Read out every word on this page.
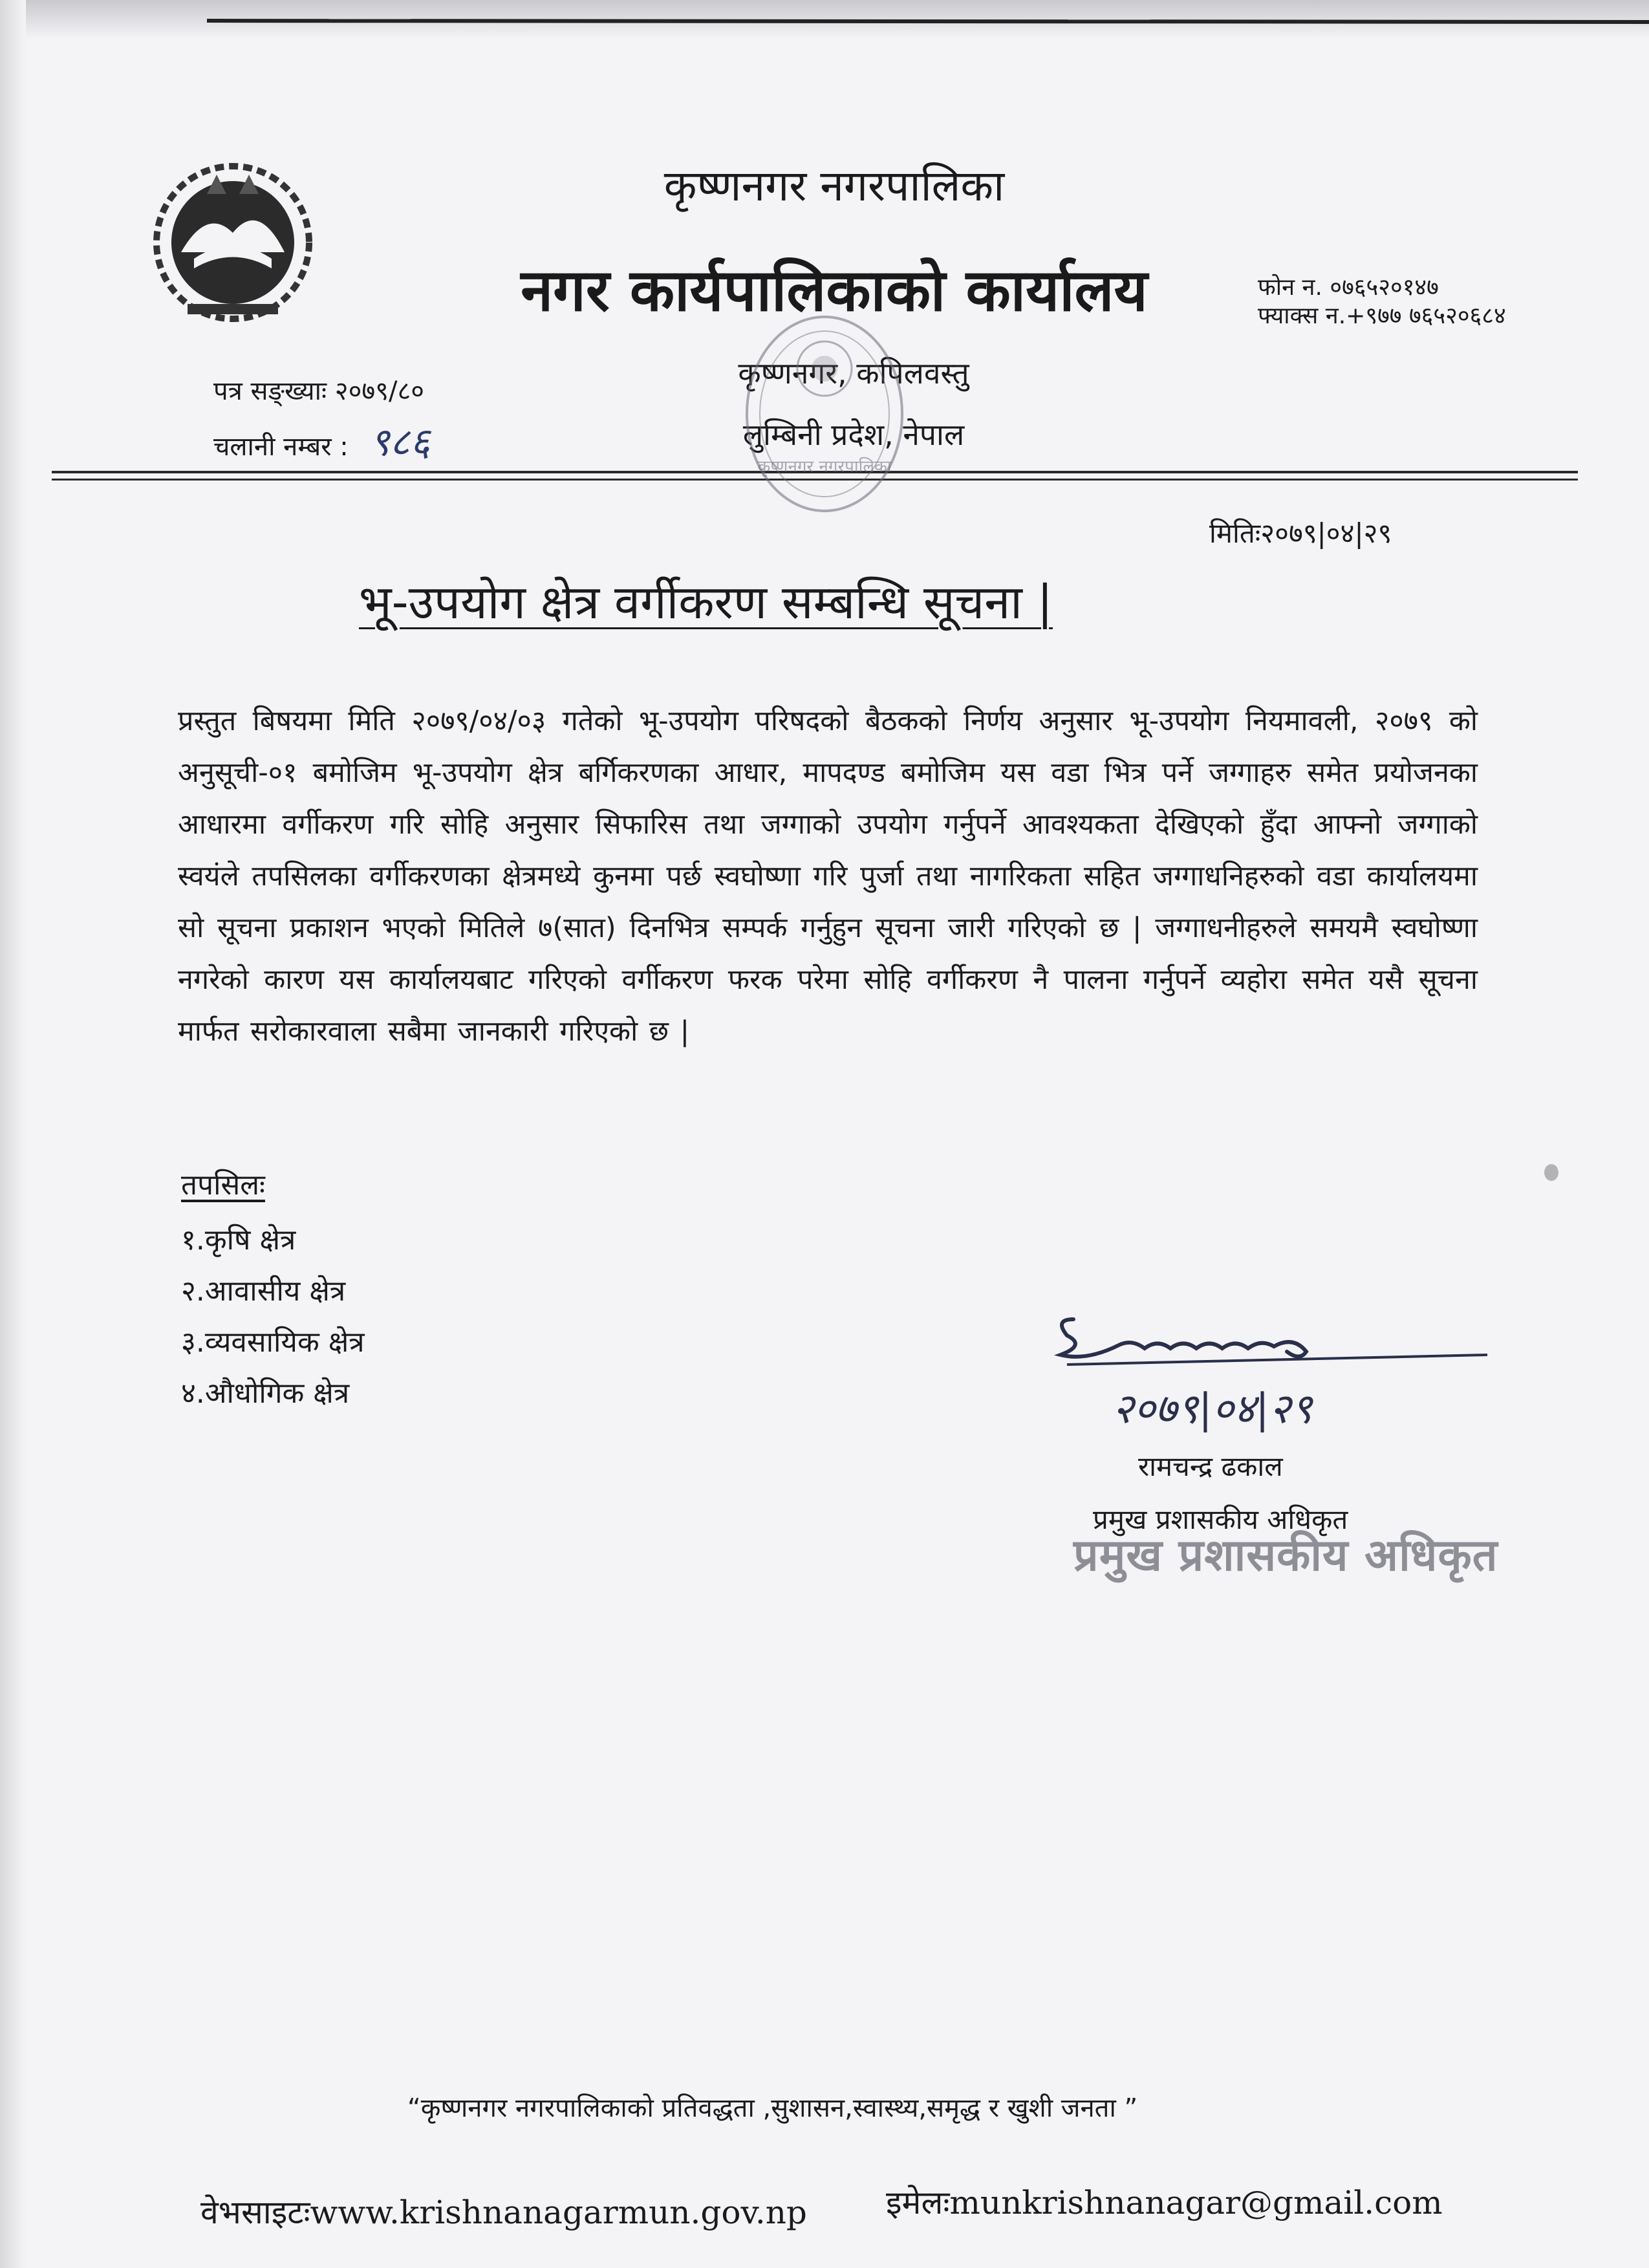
कृष्णनगर नगरपालिका
नगर कार्यपालिकाको कार्यालय
कृष्णनगर, कपिलवस्तु
लुम्बिनी प्रदेश, नेपाल
फोन न. ०७६५२०१४७
फ्याक्स न.+९७७ ७६५२०६८४
पत्र सङ्ख्याः २०७९/८०
चलानी नम्बर : ९८६
कृष्णनगर नगरपालिका
मितिः२०७९|०४|२९
भू-उपयोग क्षेत्र वर्गीकरण सम्बन्धि सूचना |
प्रस्तुत बिषयमा मिति २०७९/०४/०३ गतेको भू-उपयोग परिषदको बैठकको निर्णय अनुसार भू-उपयोग नियमावली, २०७९ को अनुसूची-०१ बमोजिम भू-उपयोग क्षेत्र बर्गिकरणका आधार, मापदण्ड बमोजिम यस वडा भित्र पर्ने जग्गाहरु समेत प्रयोजनका आधारमा वर्गीकरण गरि सोहि अनुसार सिफारिस तथा जग्गाको उपयोग गर्नुपर्ने आवश्यकता देखिएको हुँदा आफ्नो जग्गाको स्वयंले तपसिलका वर्गीकरणका क्षेत्रमध्ये कुनमा पर्छ स्वघोष्णा गरि पुर्जा तथा नागरिकता सहित जग्गाधनिहरुको वडा कार्यालयमा सो सूचना प्रकाशन भएको मितिले ७(सात) दिनभित्र सम्पर्क गर्नुहुन सूचना जारी गरिएको छ | जग्गाधनीहरुले समयमै स्वघोष्णा नगरेको कारण यस कार्यालयबाट गरिएको वर्गीकरण फरक परेमा सोहि वर्गीकरण नै पालना गर्नुपर्ने व्यहोरा समेत यसै सूचना मार्फत सरोकारवाला सबैमा जानकारी गरिएको छ |
तपसिलः
१.कृषि क्षेत्र
२.आवासीय क्षेत्र
३.व्यवसायिक क्षेत्र
४.औधोगिक क्षेत्र	२०७९|०४|२९
रामचन्द्र ढकाल
प्रमुख प्रशासकीय अधिकृत
प्रमुख प्रशासकीय अधिकृत
“कृष्णनगर नगरपालिकाको प्रतिवद्धता ,सुशासन,स्वास्थ्य,समृद्ध र खुशी जनता ”
वेभसाइटःwww.krishnanagarmun.gov.np इमेलःmunkrishnanagar@gmail.com
